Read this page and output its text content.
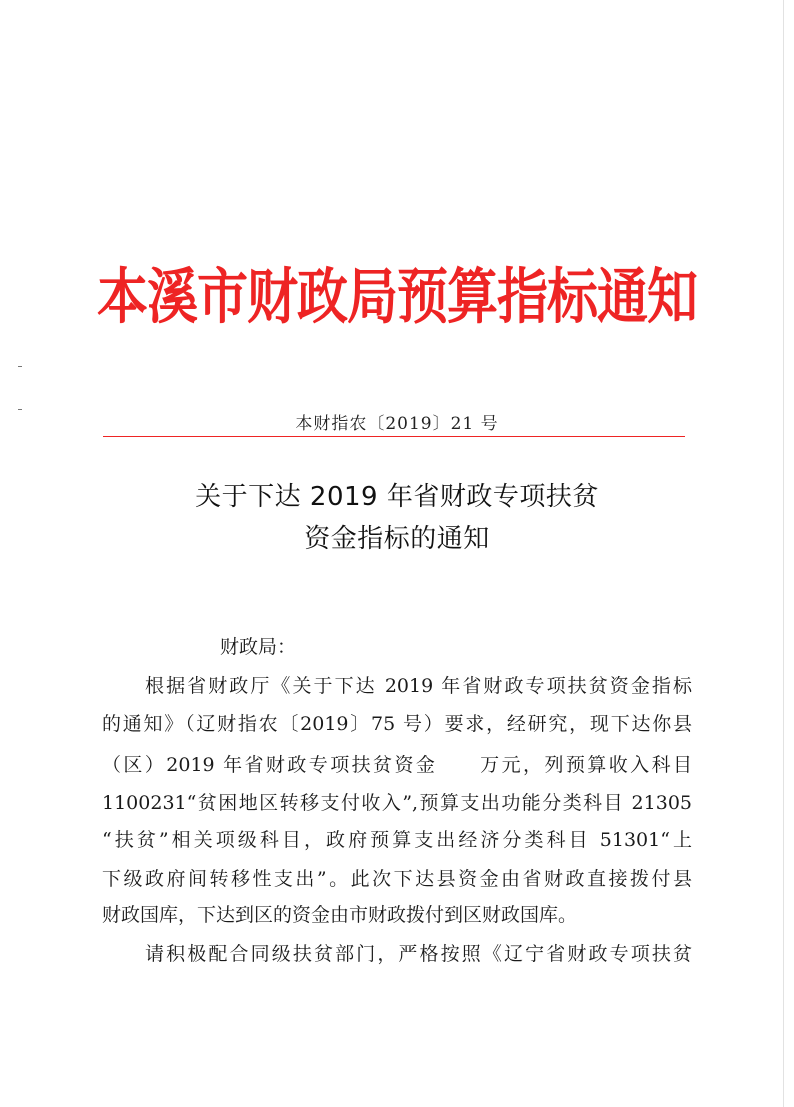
本溪市财政局预算指标通知
本财指农〔2019〕21 号
关于下达 2019 年省财政专项扶贫
资金指标的通知
财政局：
根据省财政厅《关于下达 2019 年省财政专项扶贫资金指标
的通知》（辽财指农〔2019〕75 号）要求，经研究，现下达你县
（区）2019 年省财政专项扶贫资金　　万元，列预算收入科目
1100231“贫困地区转移支付收入”,预算支出功能分类科目 21305
“扶贫”相关项级科目，政府预算支出经济分类科目 51301“上
下级政府间转移性支出”。此次下达县资金由省财政直接拨付县
财政国库，下达到区的资金由市财政拨付到区财政国库。
请积极配合同级扶贫部门，严格按照《辽宁省财政专项扶贫
